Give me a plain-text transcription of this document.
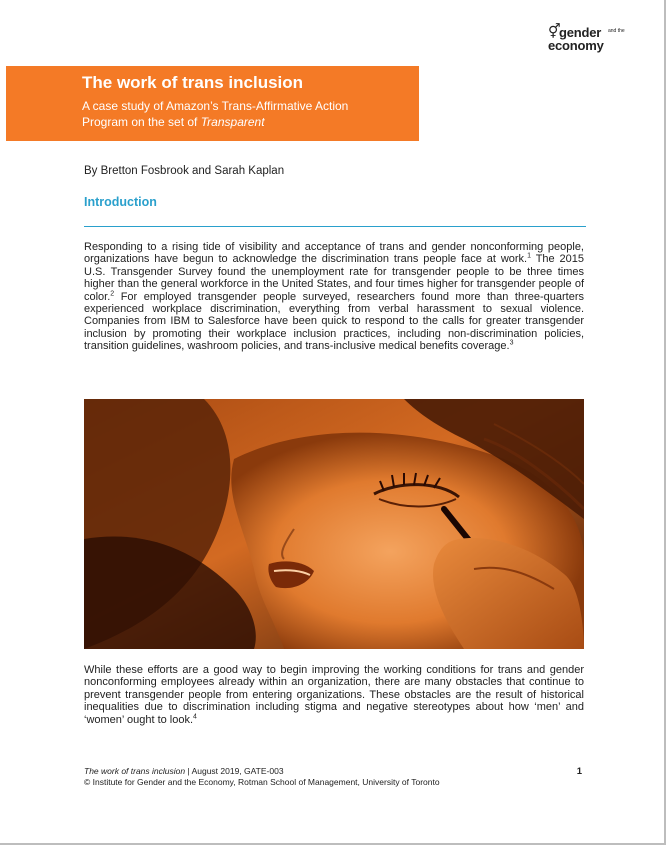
⚥
gender and the
economy
The work of trans inclusion
A case study of Amazon’s Trans-Affirmative Action
Program on the set of Transparent
By Bretton Fosbrook and Sarah Kaplan
Introduction

Responding to a rising tide of visibility and acceptance of trans and gender nonconforming people, organizations have begun to acknowledge the discrimination trans people face at work.$^1$ The 2015 U.S. Transgender Survey found the unemployment rate for transgender people to be three times higher than the general workforce in the United States, and four times higher for transgender people of color.$^2$ For employed transgender people surveyed, researchers found more than three-quarters experienced workplace discrimination, everything from verbal harassment to sexual violence. Companies from IBM to Salesforce have been quick to respond to the calls for greater transgender inclusion by promoting their workplace inclusion practices, including non-discrimination policies, transition guidelines, washroom policies, and trans-inclusive medical benefits coverage.$^3$

While these efforts are a good way to begin improving the working conditions for trans and gender nonconforming employees already within an organization, there are many obstacles that continue to prevent transgender people from entering organizations. These obstacles are the result of historical inequalities due to discrimination including stigma and negative stereotypes about how ‘men’ and ‘women’ ought to look.$^4$

The work of trans inclusion | August 2019, GATE-003
© Institute for Gender and the Economy, Rotman School of Management, University of Toronto
1
